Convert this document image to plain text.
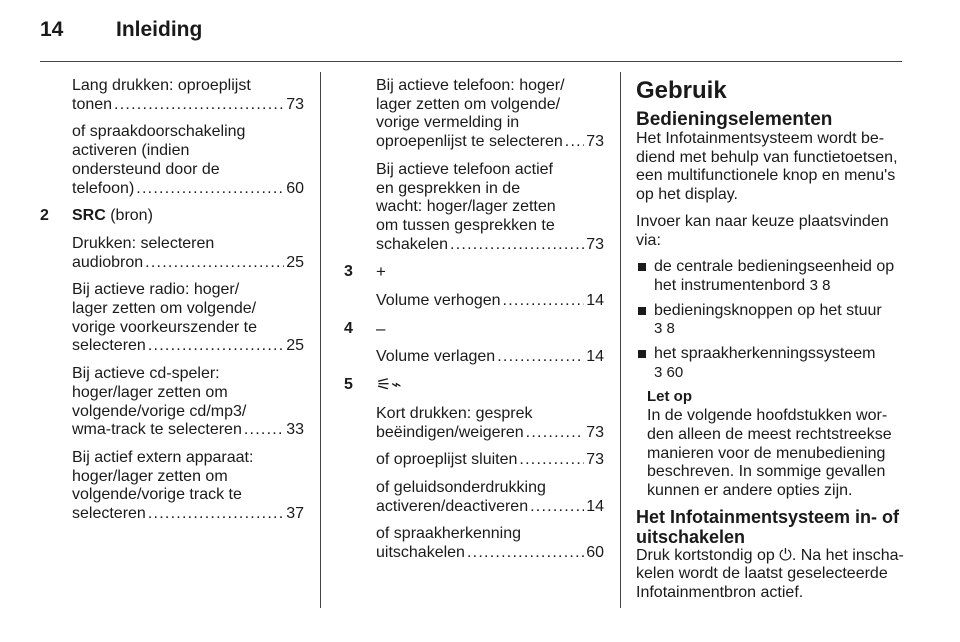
14	Inleiding
Lang drukken: oproeplijst
tonen . . .	73
of spraakdoorschakeling
activeren (indien
ondersteund door de
telefoon) . . .	60
2 SRC (bron)
Drukken: selecteren
audiobron . . .	25
Bij actieve radio: hoger/
lager zetten om volgende/
vorige voorkeurszender te
selecteren . . .	25
Bij actieve cd-speler:
hoger/lager zetten om
volgende/vorige cd/mp3/
wma-track te selecteren . . .	33
Bij actief extern apparaat:
hoger/lager zetten om
volgende/vorige track te
selecteren . . .	37
Bij actieve telefoon: hoger/
lager zetten om volgende/
vorige vermelding in
oproepenlijst te selecteren . . . 73
Bij actieve telefoon actief
en gesprekken in de
wacht: hoger/lager zetten
om tussen gesprekken te
schakelen . . .	73
3 +
Volume verhogen . . .	14
4 –
Volume verlagen . . .	14
5 ⚟⌁
Kort drukken: gesprek
beëindigen/weigeren . . .	73
of oproeplijst sluiten . . .	73
of geluidsonderdrukking
activeren/deactiveren . . .	14
of spraakherkenning
uitschakelen . . .	60
Gebruik
Bedieningselementen
Het Infotainmentsysteem wordt be-
diend met behulp van functietoetsen,
een multifunctionele knop en menu's
op het display.
Invoer kan naar keuze plaatsvinden
via:
de centrale bedieningseenheid op
het instrumentenbord 3 8
bedieningsknoppen op het stuur
3 8
het spraakherkenningssysteem
3 60
Let op
In de volgende hoofdstukken wor-
den alleen de meest rechtstreekse
manieren voor de menubediening
beschreven. In sommige gevallen
kunnen er andere opties zijn.
Het Infotainmentsysteem in- of
uitschakelen
Druk kortstondig op ⏻. Na het inscha-
kelen wordt de laatst geselecteerde
Infotainmentbron actief.
